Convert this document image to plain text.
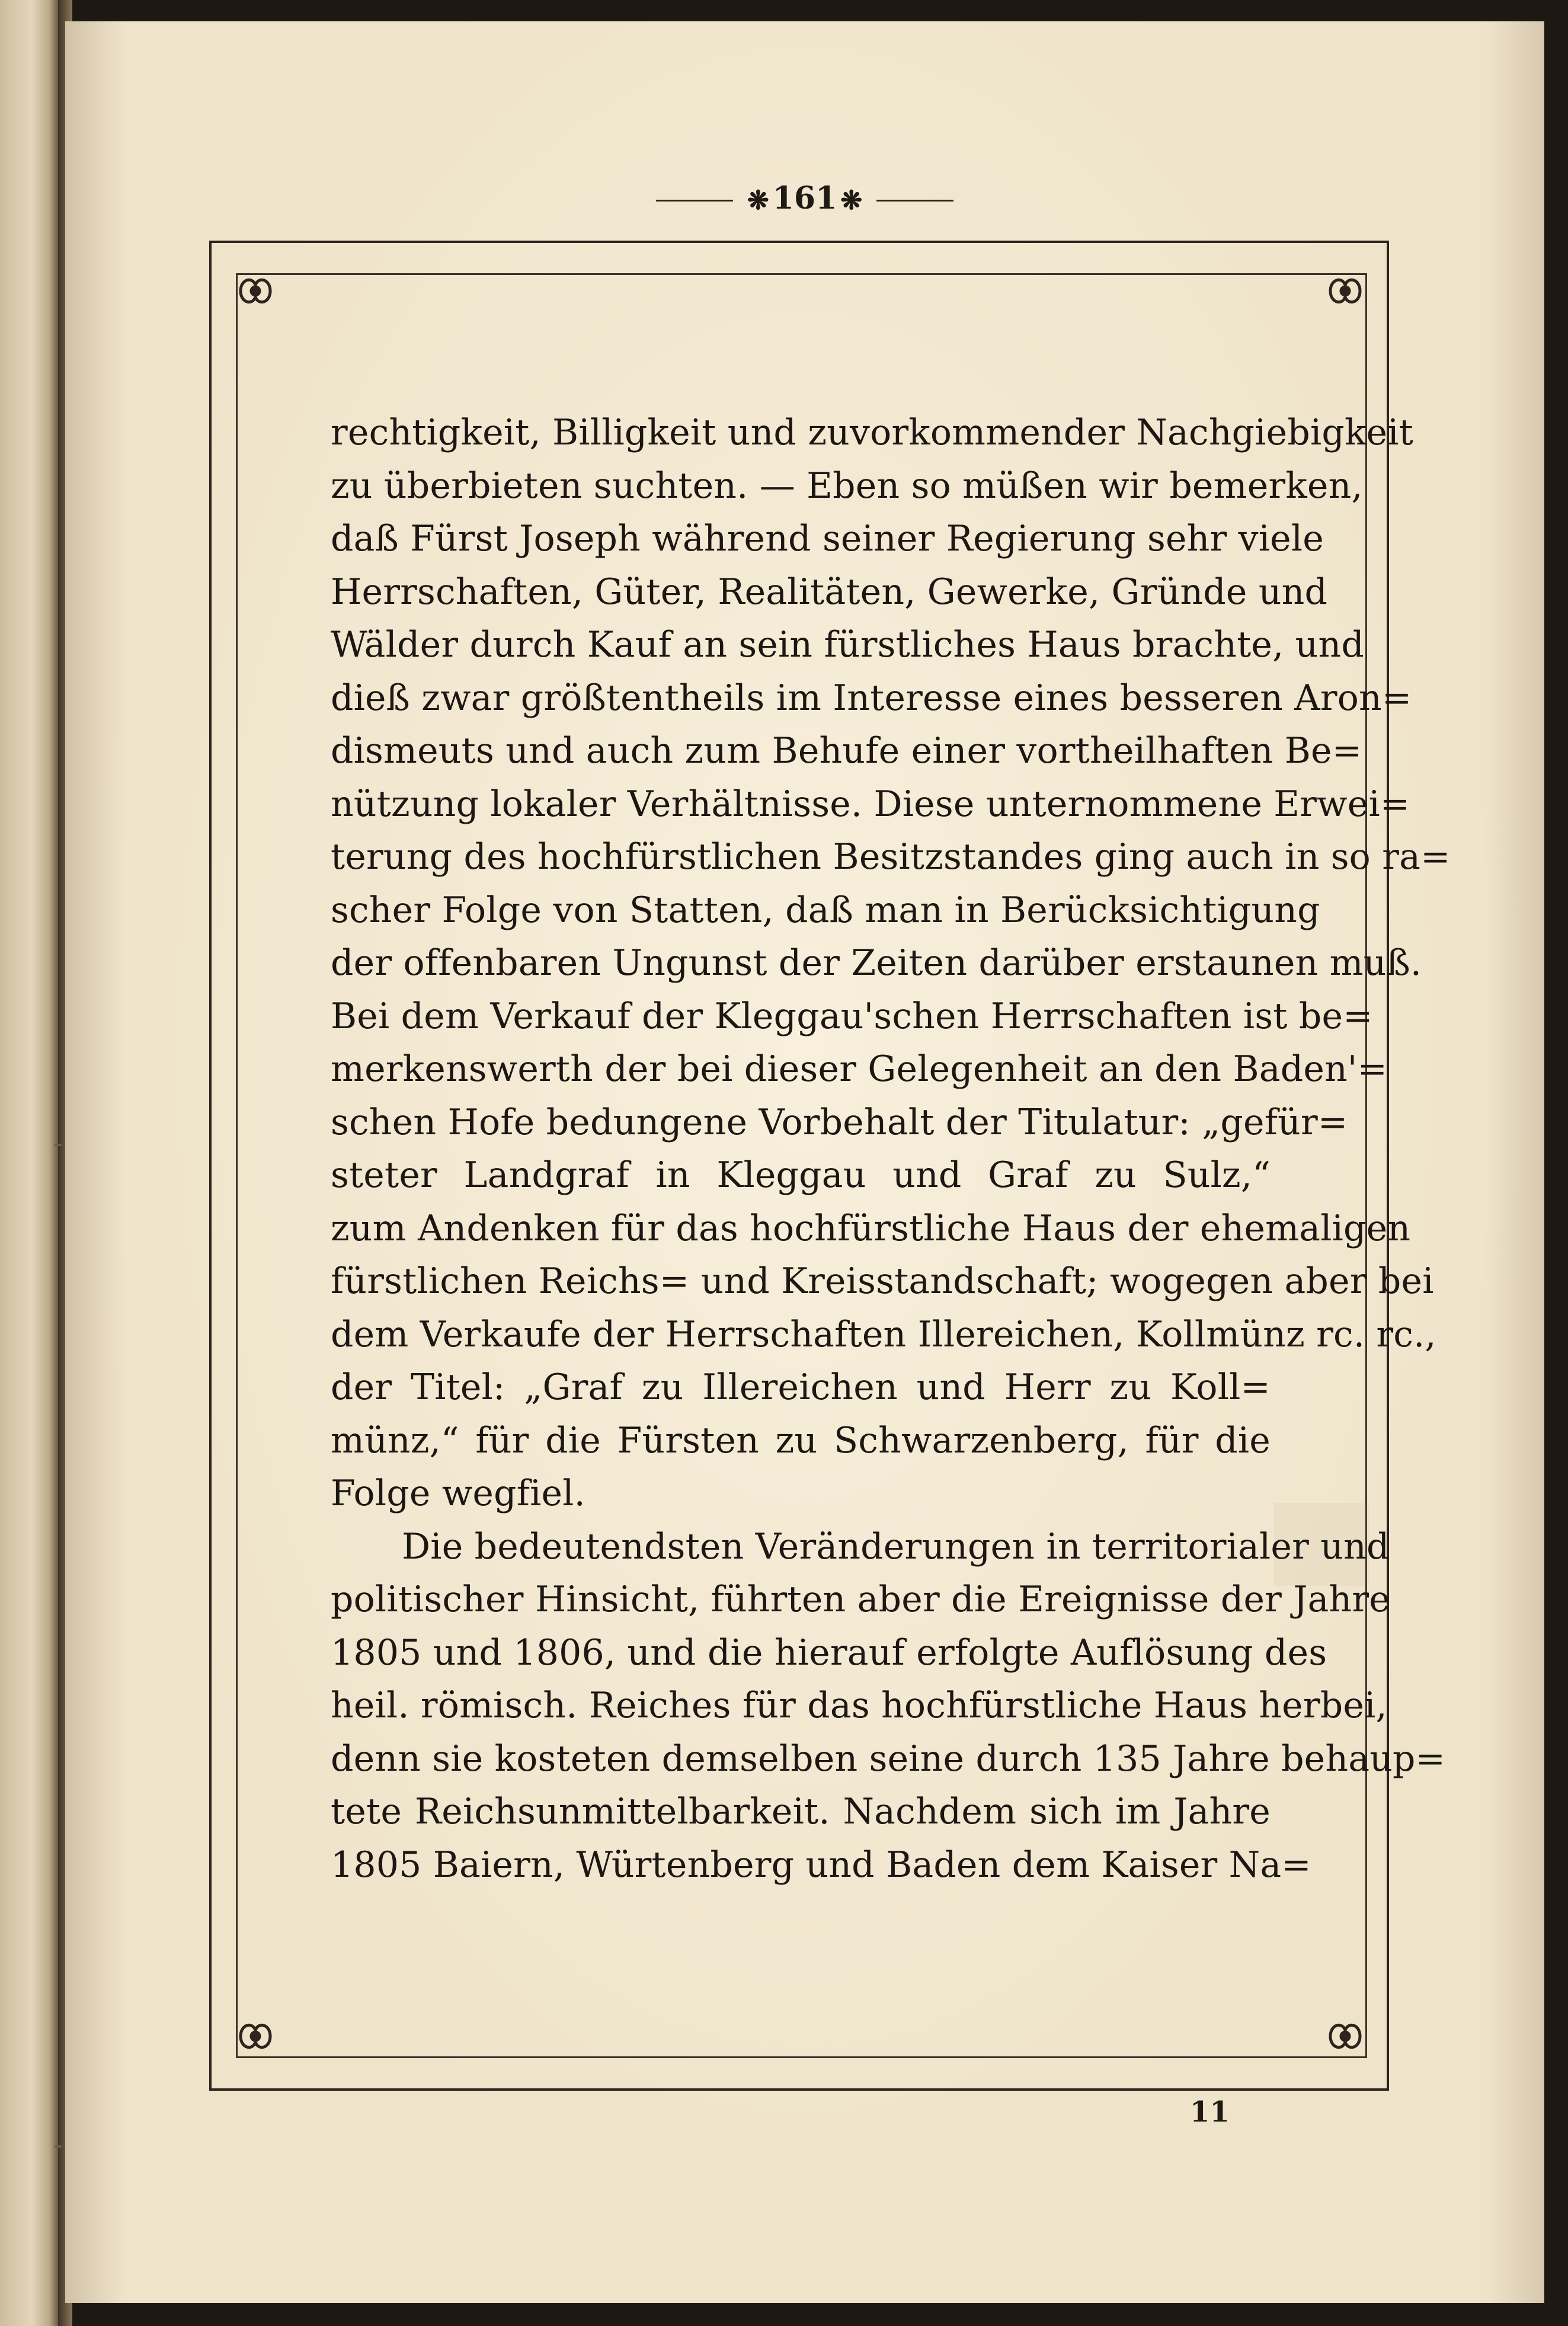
❋ 161 ❋
rechtigkeit, Billigkeit und zuvorkommender Nachgiebigkeit
zu überbieten suchten. — Eben so müßen wir bemerken,
daß Fürst Joseph während seiner Regierung sehr viele
Herrschaften, Güter, Realitäten, Gewerke, Gründe und
Wälder durch Kauf an sein fürstliches Haus brachte, und
dieß zwar größtentheils im Interesse eines besseren Aron=
dismeuts und auch zum Behufe einer vortheilhaften Be=
nützung lokaler Verhältnisse. Diese unternommene Erwei=
terung des hochfürstlichen Besitzstandes ging auch in so ra=
scher Folge von Statten, daß man in Berücksichtigung
der offenbaren Ungunst der Zeiten darüber erstaunen muß.
Bei dem Verkauf der Kleggau'schen Herrschaften ist be=
merkenswerth der bei dieser Gelegenheit an den Baden'=
schen Hofe bedungene Vorbehalt der Titulatur: „gefür=
steter Landgraf in Kleggau und Graf zu Sulz,“
zum Andenken für das hochfürstliche Haus der ehemaligen
fürstlichen Reichs= und Kreisstandschaft; wogegen aber bei
dem Verkaufe der Herrschaften Illereichen, Kollmünz rc. rc.,
der Titel: „Graf zu Illereichen und Herr zu Koll=
münz,“ für die Fürsten zu Schwarzenberg, für die
Folge wegfiel.
Die bedeutendsten Veränderungen in territorialer und
politischer Hinsicht, führten aber die Ereignisse der Jahre
1805 und 1806, und die hierauf erfolgte Auflösung des
heil. römisch. Reiches für das hochfürstliche Haus herbei,
denn sie kosteten demselben seine durch 135 Jahre behaup=
tete Reichsunmittelbarkeit. Nachdem sich im Jahre
1805 Baiern, Würtenberg und Baden dem Kaiser Na=
11
